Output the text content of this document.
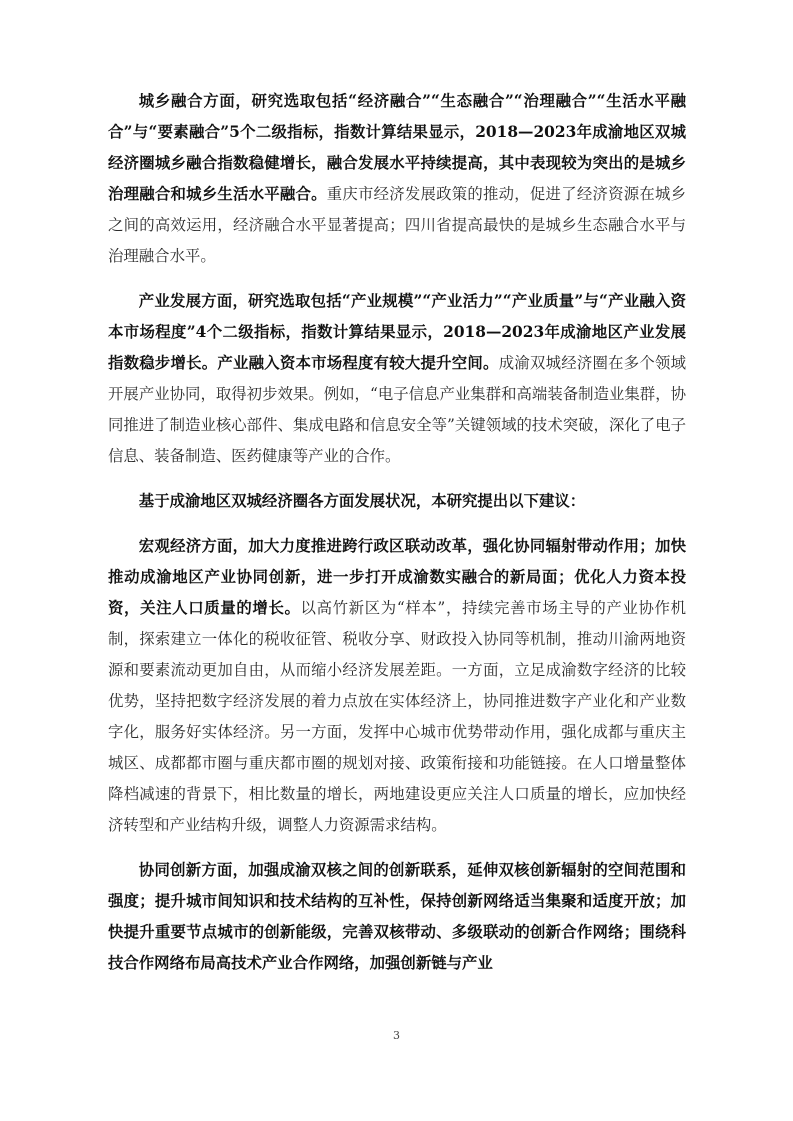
城乡融合方面，研究选取包括“经济融合”“生态融合”“治理融合”“生活水平融合”与“要素融合”5个二级指标，指数计算结果显示，2018—2023年成渝地区双城经济圈城乡融合指数稳健增长，融合发展水平持续提高，其中表现较为突出的是城乡治理融合和城乡生活水平融合。重庆市经济发展政策的推动，促进了经济资源在城乡之间的高效运用，经济融合水平显著提高；四川省提高最快的是城乡生态融合水平与治理融合水平。

产业发展方面，研究选取包括“产业规模”“产业活力”“产业质量”与“产业融入资本市场程度”4个二级指标，指数计算结果显示，2018—2023年成渝地区产业发展指数稳步增长。产业融入资本市场程度有较大提升空间。成渝双城经济圈在多个领域开展产业协同，取得初步效果。例如，“电子信息产业集群和高端装备制造业集群，协同推进了制造业核心部件、集成电路和信息安全等”关键领域的技术突破，深化了电子信息、装备制造、医药健康等产业的合作。

基于成渝地区双城经济圈各方面发展状况，本研究提出以下建议：

宏观经济方面，加大力度推进跨行政区联动改革，强化协同辐射带动作用；加快推动成渝地区产业协同创新，进一步打开成渝数实融合的新局面；优化人力资本投资，关注人口质量的增长。以高竹新区为“样本”，持续完善市场主导的产业协作机制，探索建立一体化的税收征管、税收分享、财政投入协同等机制，推动川渝两地资源和要素流动更加自由，从而缩小经济发展差距。一方面，立足成渝数字经济的比较优势，坚持把数字经济发展的着力点放在实体经济上，协同推进数字产业化和产业数字化，服务好实体经济。另一方面，发挥中心城市优势带动作用，强化成都与重庆主城区、成都都市圈与重庆都市圈的规划对接、政策衔接和功能链接。在人口增量整体降档减速的背景下，相比数量的增长，两地建设更应关注人口质量的增长，应加快经济转型和产业结构升级，调整人力资源需求结构。

协同创新方面，加强成渝双核之间的创新联系，延伸双核创新辐射的空间范围和强度；提升城市间知识和技术结构的互补性，保持创新网络适当集聚和适度开放；加快提升重要节点城市的创新能级，完善双核带动、多级联动的创新合作网络；围绕科技合作网络布局高技术产业合作网络，加强创新链与产业

3
